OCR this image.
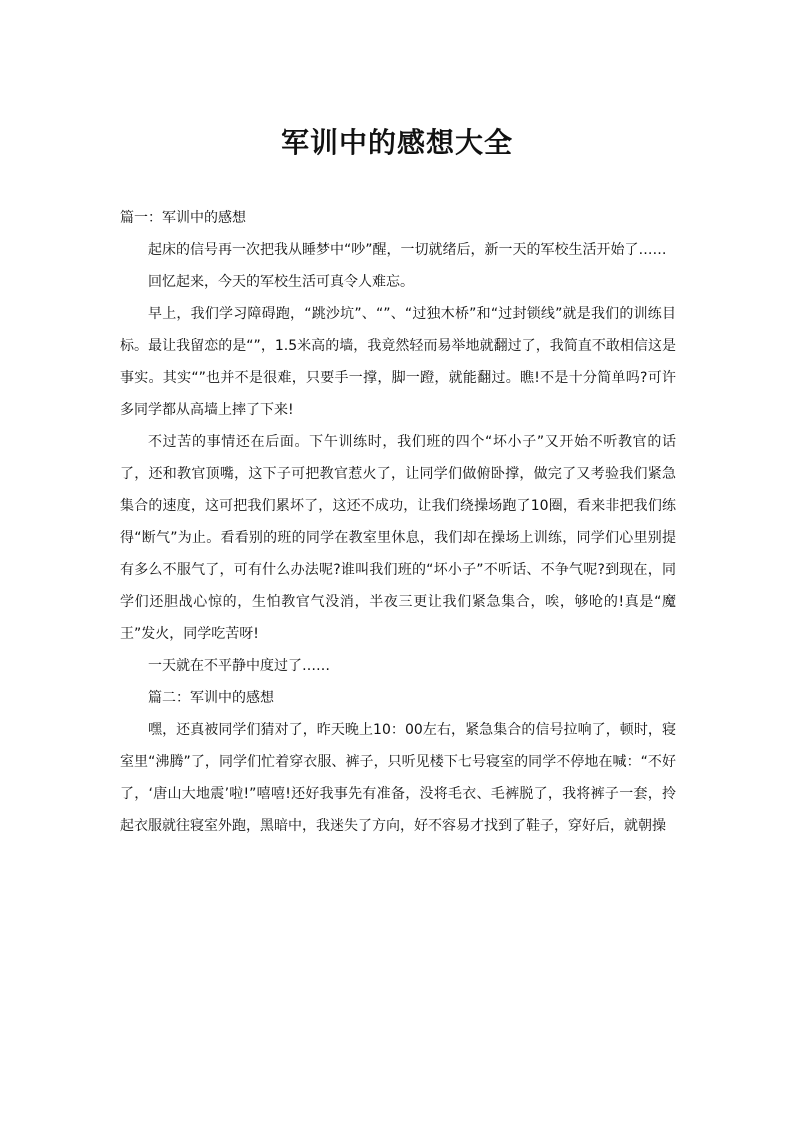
军训中的感想大全

篇一：军训中的感想

起床的信号再一次把我从睡梦中“吵”醒，一切就绪后，新一天的军校生活开始了……

回忆起来，今天的军校生活可真令人难忘。

早上，我们学习障碍跑，“跳沙坑”、“”、“过独木桥”和“过封锁线”就是我们的训练目标。最让我留恋的是“”，1.5米高的墙，我竟然轻而易举地就翻过了，我简直不敢相信这是事实。其实“”也并不是很难，只要手一撑，脚一蹬，就能翻过。瞧!不是十分简单吗?可许多同学都从高墙上摔了下来!

不过苦的事情还在后面。下午训练时，我们班的四个“坏小子”又开始不听教官的话了，还和教官顶嘴，这下子可把教官惹火了，让同学们做俯卧撑，做完了又考验我们紧急集合的速度，这可把我们累坏了，这还不成功，让我们绕操场跑了10圈，看来非把我们练得“断气”为止。看看别的班的同学在教室里休息，我们却在操场上训练，同学们心里别提有多么不服气了，可有什么办法呢?谁叫我们班的“坏小子”不听话、不争气呢?到现在，同学们还胆战心惊的，生怕教官气没消，半夜三更让我们紧急集合，唉，够呛的!真是“魔王”发火，同学吃苦呀!

一天就在不平静中度过了……

篇二：军训中的感想

嘿，还真被同学们猜对了，昨天晚上10：00左右，紧急集合的信号拉响了，顿时，寝室里“沸腾”了，同学们忙着穿衣服、裤子，只听见楼下七号寝室的同学不停地在喊：“不好了，‘唐山大地震’啦!”嘻嘻!还好我事先有准备，没将毛衣、毛裤脱了，我将裤子一套，拎起衣服就往寝室外跑，黑暗中，我迷失了方向，好不容易才找到了鞋子，穿好后，就朝操
